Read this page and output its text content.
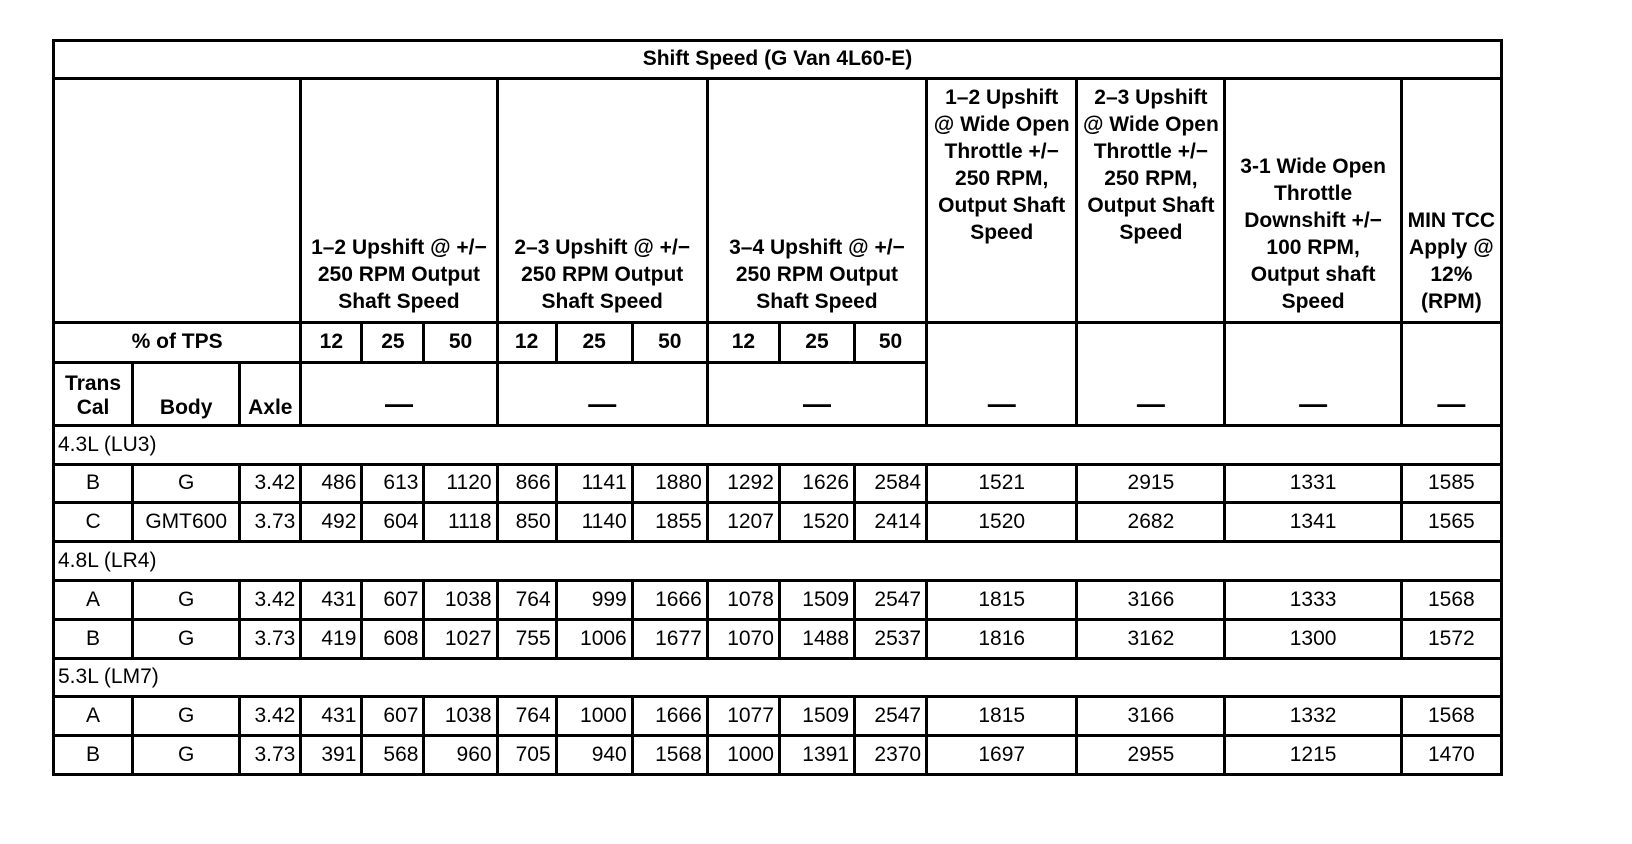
Shift Speed (G Van 4L60-E)															
			1–2 Upshift @ +/− 250 RPM Output Shaft Speed			2–3 Upshift @ +/− 250 RPM Output Shaft Speed			3–4 Upshift @ +/− 250 RPM Output Shaft Speed			1–2 Upshift @ Wide Open Throttle +/− 250 RPM, Output Shaft Speed	2–3 Upshift @ Wide Open Throttle +/− 250 RPM, Output Shaft Speed	3-1 Wide Open Throttle Downshift +/− 100 RPM, Output shaft Speed	MIN TCC Apply @ 12% (RPM)
% of TPS			12	25	50	12	25	50	12	25	50	—	—	—	—
Trans Cal	Body	Axle	—			—			—						
4.3L (LU3)															
B	G	3.42	486	613	1120	866	1141	1880	1292	1626	2584	1521	2915	1331	1585
C	GMT600	3.73	492	604	1118	850	1140	1855	1207	1520	2414	1520	2682	1341	1565
4.8L (LR4)															
A	G	3.42	431	607	1038	764	999	1666	1078	1509	2547	1815	3166	1333	1568
B	G	3.73	419	608	1027	755	1006	1677	1070	1488	2537	1816	3162	1300	1572
5.3L (LM7)															
A	G	3.42	431	607	1038	764	1000	1666	1077	1509	2547	1815	3166	1332	1568
B	G	3.73	391	568	960	705	940	1568	1000	1391	2370	1697	2955	1215	1470
